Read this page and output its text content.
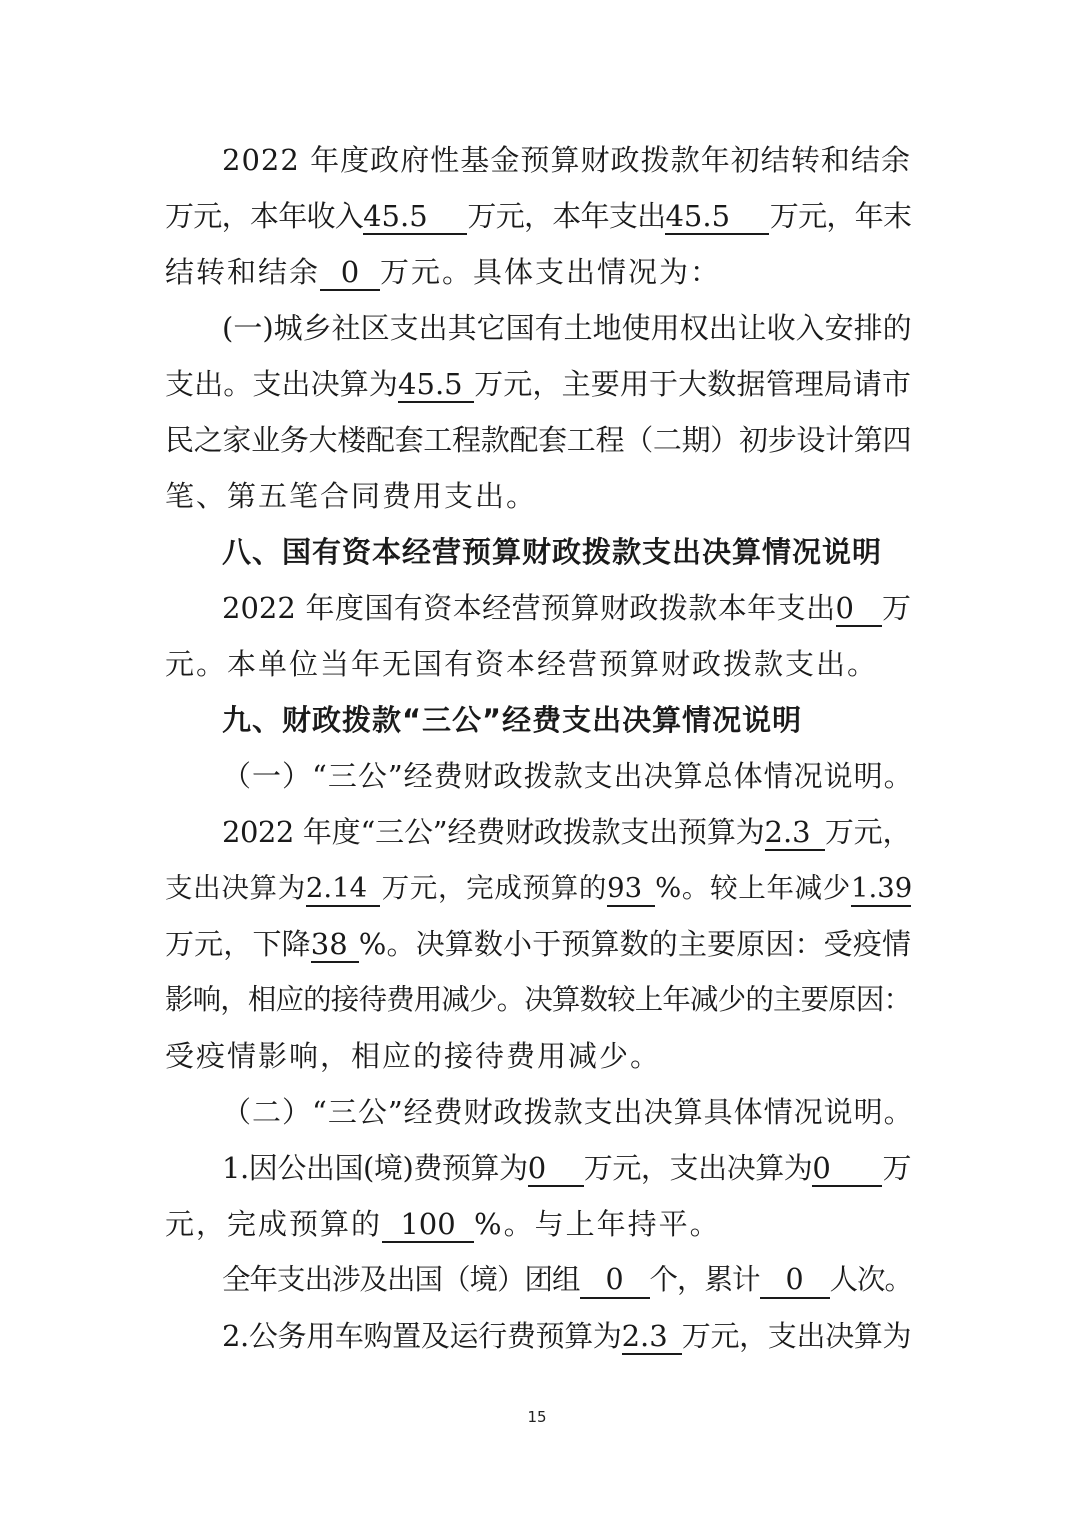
2022 年度政府性基金预算财政拨款年初结转和结余
万元，本年收入45.5 万元，本年支出45.5 万元，年末
结转和结余 0 万元。具体支出情况为：
(一)城乡社区支出其它国有土地使用权出让收入安排的
支出。支出决算为45.5 万元，主要用于大数据管理局请市
民之家业务大楼配套工程款配套工程（二期）初步设计第四
笔、第五笔合同费用支出。
八、国有资本经营预算财政拨款支出决算情况说明
2022 年度国有资本经营预算财政拨款本年支出0 万
元。本单位当年无国有资本经营预算财政拨款支出。
九、财政拨款“三公”经费支出决算情况说明
（一）“三公”经费财政拨款支出决算总体情况说明。
2022 年度“三公”经费财政拨款支出预算为2.3 万元，
支出决算为2.14 万元，完成预算的93 %。较上年减少1.39
万元，下降38 %。决算数小于预算数的主要原因：受疫情
影响，相应的接待费用减少。决算数较上年减少的主要原因：
受疫情影响，相应的接待费用减少。
（二）“三公”经费财政拨款支出决算具体情况说明。
1.因公出国(境)费预算为0 万元，支出决算为0 万
元，完成预算的 100 %。与上年持平。
全年支出涉及出国（境）团组 0 个，累计 0 人次。
2.公务用车购置及运行费预算为2.3 万元，支出决算为
15
